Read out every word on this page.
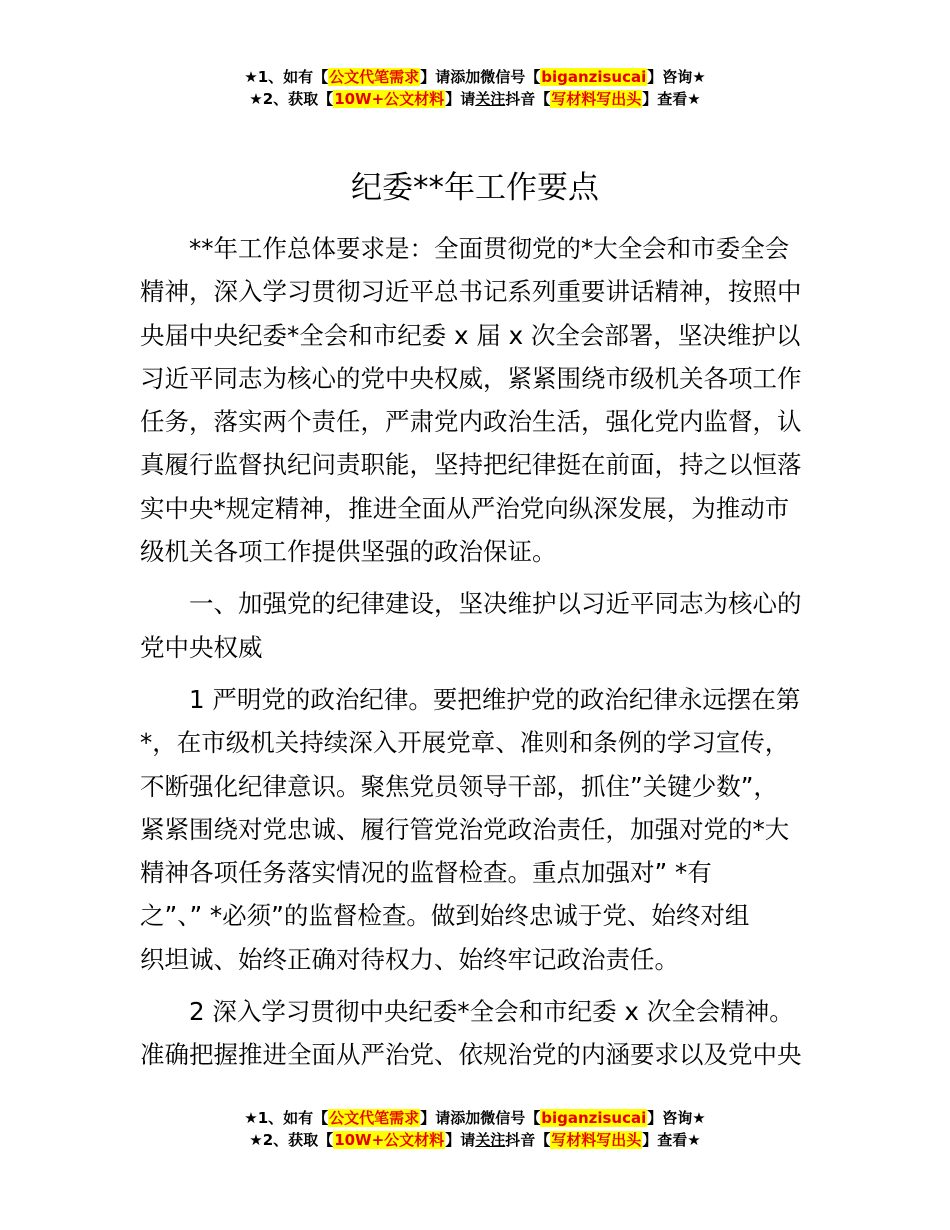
★1、如有【公文代笔需求】请添加微信号【biganzisucai】咨询★
★2、获取【10W+公文材料】请关注抖音【写材料写出头】查看★
纪委**年工作要点
**年工作总体要求是：全面贯彻党的*大全会和市委全会
精神，深入学习贯彻习近平总书记系列重要讲话精神，按照中
央届中央纪委*全会和市纪委 x 届 x 次全会部署，坚决维护以
习近平同志为核心的党中央权威，紧紧围绕市级机关各项工作
任务，落实两个责任，严肃党内政治生活，强化党内监督，认
真履行监督执纪问责职能，坚持把纪律挺在前面，持之以恒落
实中央*规定精神，推进全面从严治党向纵深发展，为推动市
级机关各项工作提供坚强的政治保证。
一、加强党的纪律建设，坚决维护以习近平同志为核心的
党中央权威
1 严明党的政治纪律。要把维护党的政治纪律永远摆在第
*，在市级机关持续深入开展党章、准则和条例的学习宣传，
不断强化纪律意识。聚焦党员领导干部，抓住”关键少数”，
紧紧围绕对党忠诚、履行管党治党政治责任，加强对党的*大
精神各项任务落实情况的监督检查。重点加强对” *有
之”、” *必须”的监督检查。做到始终忠诚于党、始终对组
织坦诚、始终正确对待权力、始终牢记政治责任。
2 深入学习贯彻中央纪委*全会和市纪委 x 次全会精神。
准确把握推进全面从严治党、依规治党的内涵要求以及党中央
★1、如有【公文代笔需求】请添加微信号【biganzisucai】咨询★
★2、获取【10W+公文材料】请关注抖音【写材料写出头】查看★
